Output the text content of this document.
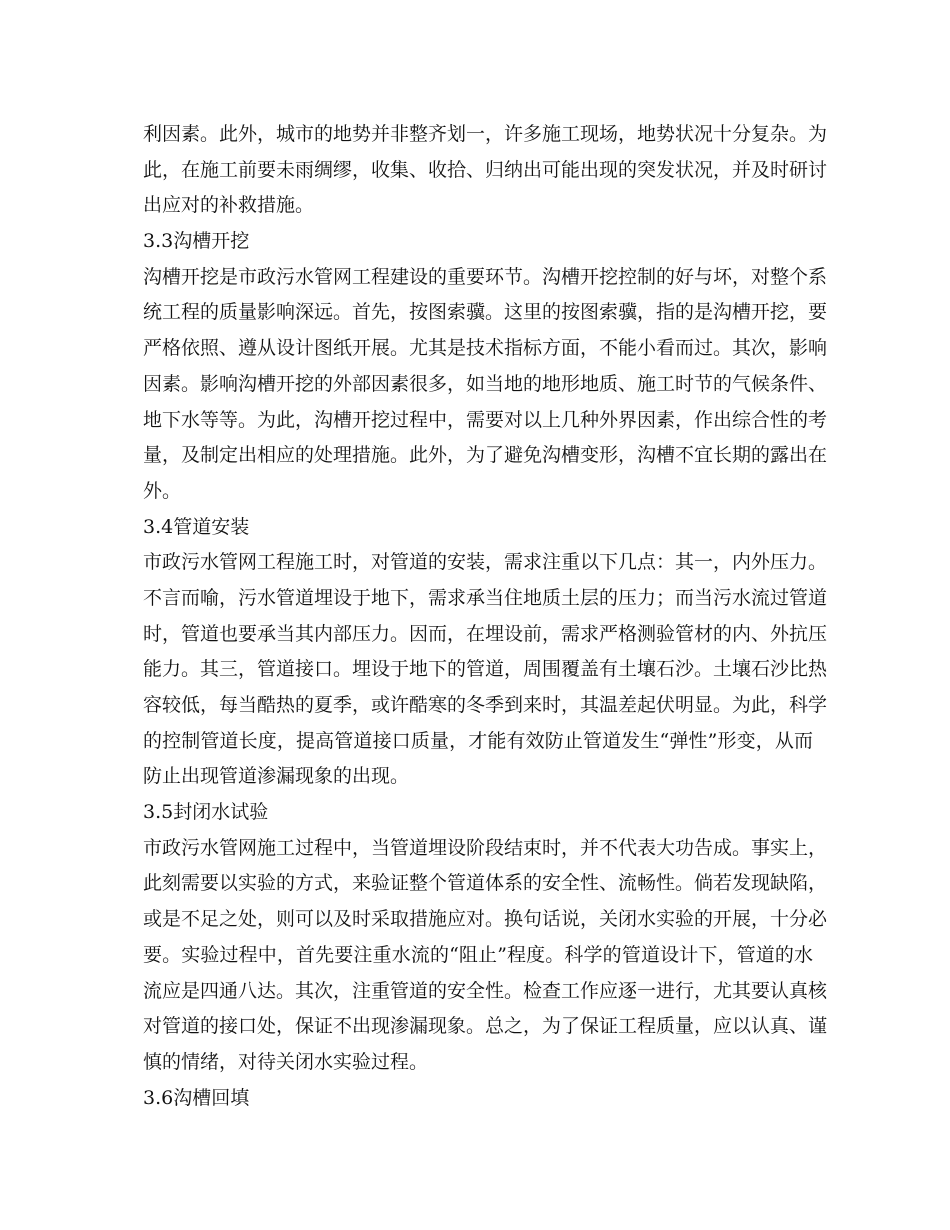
利因素。此外，城市的地势并非整齐划一，许多施工现场，地势状况十分复杂。为
此，在施工前要未雨绸缪，收集、收拾、归纳出可能出现的突发状况，并及时研讨
出应对的补救措施。
3.3沟槽开挖
沟槽开挖是市政污水管网工程建设的重要环节。沟槽开挖控制的好与坏，对整个系
统工程的质量影响深远。首先，按图索骥。这里的按图索骥，指的是沟槽开挖，要
严格依照、遵从设计图纸开展。尤其是技术指标方面，不能小看而过。其次，影响
因素。影响沟槽开挖的外部因素很多，如当地的地形地质、施工时节的气候条件、
地下水等等。为此，沟槽开挖过程中，需要对以上几种外界因素，作出综合性的考
量，及制定出相应的处理措施。此外，为了避免沟槽变形，沟槽不宜长期的露出在
外。
3.4管道安装
市政污水管网工程施工时，对管道的安装，需求注重以下几点：其一，内外压力。
不言而喻，污水管道埋设于地下，需求承当住地质土层的压力；而当污水流过管道
时，管道也要承当其内部压力。因而，在埋设前，需求严格测验管材的内、外抗压
能力。其三，管道接口。埋设于地下的管道，周围覆盖有土壤石沙。土壤石沙比热
容较低，每当酷热的夏季，或许酷寒的冬季到来时，其温差起伏明显。为此，科学
的控制管道长度，提高管道接口质量，才能有效防止管道发生“弹性”形变，从而
防止出现管道渗漏现象的出现。
3.5封闭水试验
市政污水管网施工过程中，当管道埋设阶段结束时，并不代表大功告成。事实上，
此刻需要以实验的方式，来验证整个管道体系的安全性、流畅性。倘若发现缺陷，
或是不足之处，则可以及时采取措施应对。换句话说，关闭水实验的开展，十分必
要。实验过程中，首先要注重水流的“阻止”程度。科学的管道设计下，管道的水
流应是四通八达。其次，注重管道的安全性。检查工作应逐一进行，尤其要认真核
对管道的接口处，保证不出现渗漏现象。总之，为了保证工程质量，应以认真、谨
慎的情绪，对待关闭水实验过程。
3.6沟槽回填
